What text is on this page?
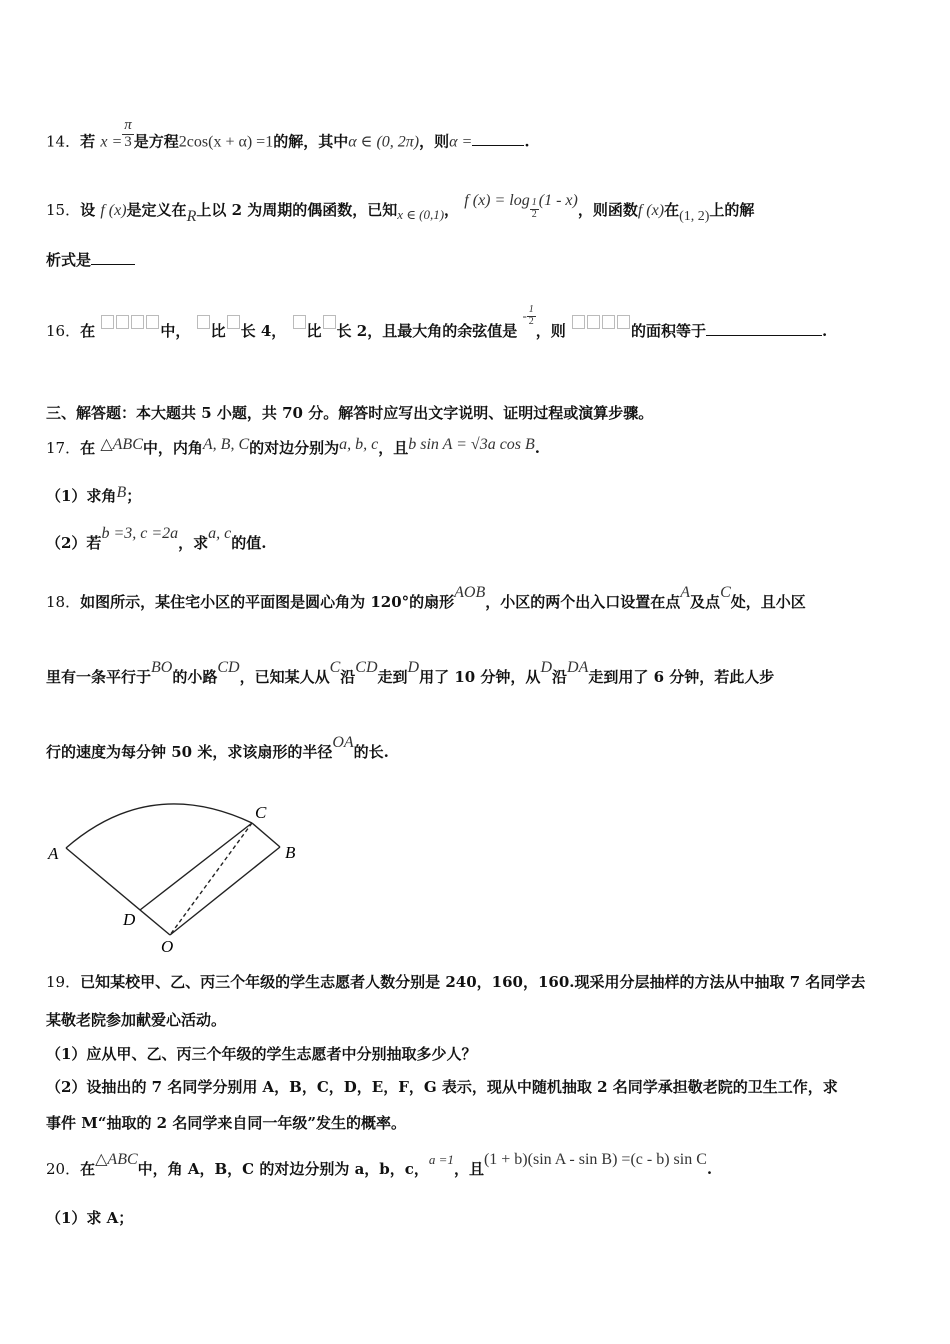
14．若 $x = \frac{\pi}{3}$ 是方程2cos(x + α) =1的解，其中α ∈ (0, 2π)，则α =	.
15．设 f (x)是定义在R上以 2 为周期的偶函数，已知x ∈ (0,1)， f $(x) = \log \frac{1}{2} (1 - x)$，则函数f (x)在(1, 2)上的解
析式是
16．在	中， 比 长 4， 比 长 2，且最大角的余弦值是 - $\frac{1}{2}$
，则	的面积等于	.
三、解答题：本大题共 5 小题，共 70 分。解答时应写出文字说明、证明过程或演算步骤。
17．在 △ABC中，内角A, B, C的对边分别为a, b, c，且b sin A = √3a cos B.
（1）求角B；
（2）若b =3, c =2a，求a, c的值.
18．如图所示，某住宅小区的平面图是圆心角为 120°的扇形AOB，小区的两个出入口设置在点A及点C处，且小区
里有一条平行于BO的小路CD，已知某人从C沿CD走到D用了 10 分钟，从D沿DA走到用了 6 分钟，若此人步
行的速度为每分钟 50 米，求该扇形的半径OA的长.
A	B
C
D
O
19．已知某校甲、乙、丙三个年级的学生志愿者人数分别是 240，160，160.现采用分层抽样的方法从中抽取 7 名同学去
某敬老院参加献爱心活动。
（1）应从甲、乙、丙三个年级的学生志愿者中分别抽取多少人？
（2）设抽出的 7 名同学分别用 A，B，C，D，E，F，G 表示，现从中随机抽取 2 名同学承担敬老院的卫生工作，求
事件 M“抽取的 2 名同学来自同一年级”发生的概率。
20．在△ABC中，角 A，B，C 的对边分别为 a，b，c，a =1，且(1 + b)(sin A - sin B) =(c - b) sin C.
（1）求 A；
